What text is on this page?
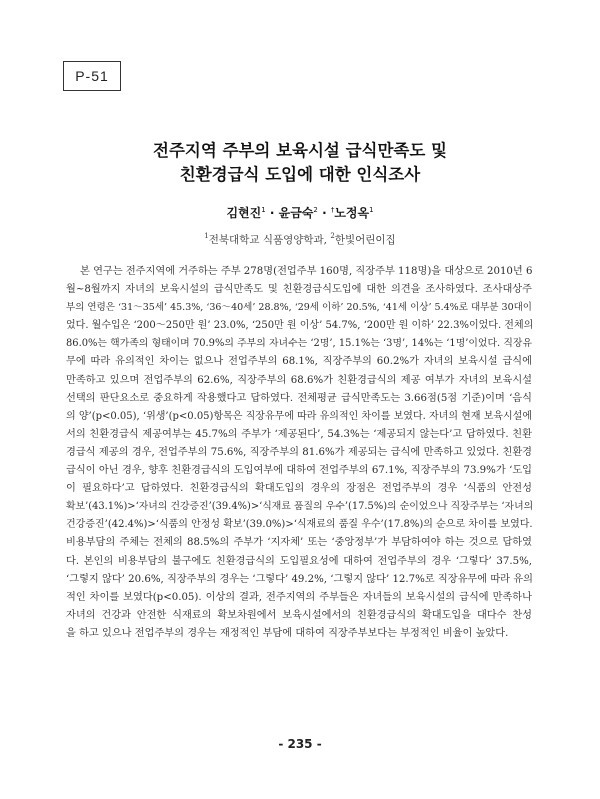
P-51
전주지역 주부의 보육시설 급식만족도 및
친환경급식 도입에 대한 인식조사
김현진$^1$ · 윤금숙$^2$ · †노정옥$^1$
$^1$전북대학교 식품영양학과, $^2$한빛어린이집
본 연구는 전주지역에 거주하는 주부 278명(전업주부 160명, 직장주부 118명)을 대상으로 2010년 6
월~8월까지 자녀의 보육시설의 급식만족도 및 친환경급식도입에 대한 의견을 조사하였다. 조사대상주
부의 연령은 ‘31～35세’ 45.3%, ‘36～40세’ 28.8%, ‘29세 이하’ 20.5%, ‘41세 이상’ 5.4%로 대부분 30대이
었다. 월수입은 ‘200～250만 원’ 23.0%, ‘250만 원 이상’ 54.7%, ‘200만 원 이하’ 22.3%이었다. 전체의
86.0%는 핵가족의 형태이며 70.9%의 주부의 자녀수는 ‘2명’, 15.1%는 ‘3명’, 14%는 ‘1명’이었다. 직장유
무에 따라 유의적인 차이는 없으나 전업주부의 68.1%, 직장주부의 60.2%가 자녀의 보육시설 급식에
만족하고 있으며 전업주부의 62.6%, 직장주부의 68.6%가 친환경급식의 제공 여부가 자녀의 보육시설
선택의 판단요소로 중요하게 작용했다고 답하였다. 전체평균 급식만족도는 3.66점(5점 기준)이며 ‘음식
의 양’(p<0.05), ‘위생’(p<0.05)항목은 직장유무에 따라 유의적인 차이를 보였다. 자녀의 현재 보육시설에
서의 친환경급식 제공여부는 45.7%의 주부가 ‘제공된다’, 54.3%는 ‘제공되지 않는다’고 답하였다. 친환
경급식 제공의 경우, 전업주부의 75.6%, 직장주부의 81.6%가 제공되는 급식에 만족하고 있었다. 친환경
급식이 아닌 경우, 향후 친환경급식의 도입여부에 대하여 전업주부의 67.1%, 직장주부의 73.9%가 ‘도입
이 필요하다’고 답하였다. 친환경급식의 확대도입의 경우의 장점은 전업주부의 경우 ‘식품의 안전성
확보’(43.1%)>‘자녀의 건강증진’(39.4%)>‘식재료 품질의 우수’(17.5%)의 순이었으나 직장주부는 ‘자녀의
건강증진’(42.4%)>‘식품의 안정성 확보’(39.0%)>‘식재료의 품질 우수’(17.8%)의 순으로 차이를 보였다.
비용부담의 주체는 전체의 88.5%의 주부가 ‘지자체’ 또는 ‘중앙정부’가 부담하여야 하는 것으로 답하였
다. 본인의 비용부담의 불구에도 친환경급식의 도입필요성에 대하여 전업주부의 경우 ‘그렇다’ 37.5%,
‘그렇지 않다’ 20.6%, 직장주부의 경우는 ‘그렇다’ 49.2%, ‘그렇지 않다’ 12.7%로 직장유무에 따라 유의
적인 차이를 보였다(p<0.05). 이상의 결과, 전주지역의 주부들은 자녀들의 보육시설의 급식에 만족하나
자녀의 건강과 안전한 식재료의 확보차원에서 보육시설에서의 친환경급식의 확대도입을 대다수 찬성
을 하고 있으나 전업주부의 경우는 재정적인 부담에 대하여 직장주부보다는 부정적인 비율이 높았다.
- 235 -
